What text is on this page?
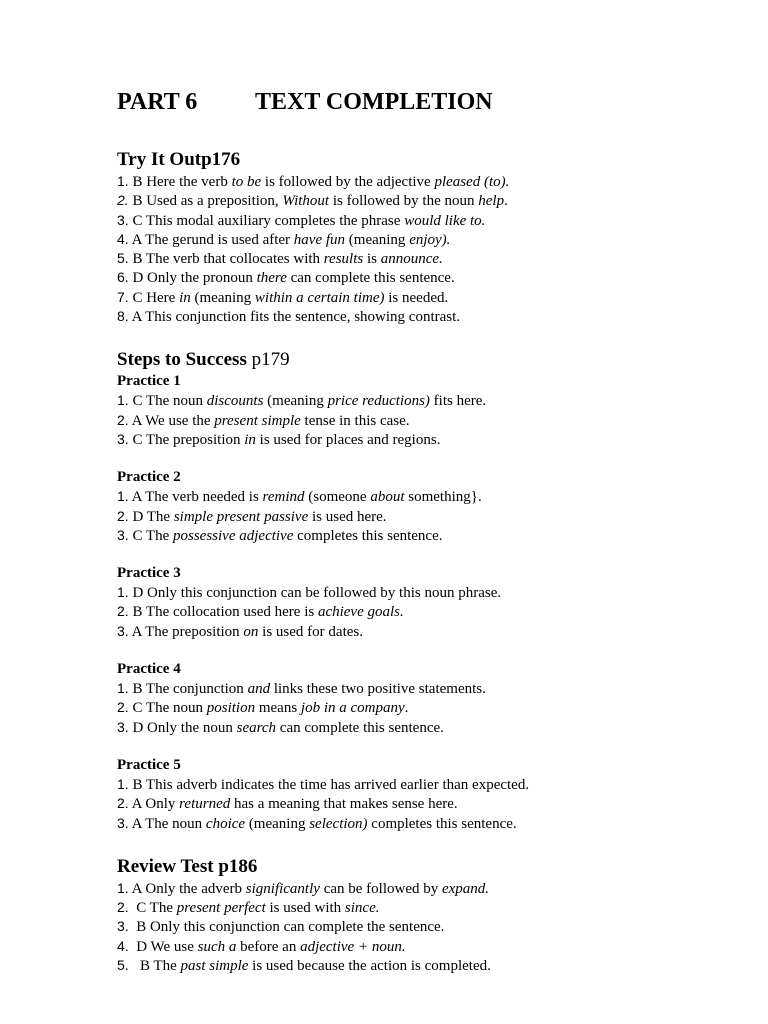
PART 6 TEXT COMPLETION
Try It Outp176
1. B Here the verb to be is followed by the adjective pleased (to).
2. B Used as a preposition, Without is followed by the noun help.
3. C This modal auxiliary completes the phrase would like to.
4. A The gerund is used after have fun (meaning enjoy).
5. B The verb that collocates with results is announce.
6. D Only the pronoun there can complete this sentence.
7. C Here in (meaning within a certain time) is needed.
8. A This conjunction fits the sentence, showing contrast.
Steps to Success p179
Practice 1
1. C The noun discounts (meaning price reductions) fits here.
2. A We use the present simple tense in this case.
3. C The preposition in is used for places and regions.
Practice 2
1. A The verb needed is remind (someone about something}.
2. D The simple present passive is used here.
3. C The possessive adjective completes this sentence.
Practice 3
1. D Only this conjunction can be followed by this noun phrase.
2. B The collocation used here is achieve goals.
3. A The preposition on is used for dates.
Practice 4
1. B The conjunction and links these two positive statements.
2. C The noun position means job in a company.
3. D Only the noun search can complete this sentence.
Practice 5
1. B This adverb indicates the time has arrived earlier than expected.
2. A Only returned has a meaning that makes sense here.
3. A The noun choice (meaning selection) completes this sentence.
Review Test p186
1. A Only the adverb significantly can be followed by expand.
2.  C The present perfect is used with since.
3.  B Only this conjunction can complete the sentence.
4.  D We use such a before an adjective + noun.
5.   B The past simple is used because the action is completed.
